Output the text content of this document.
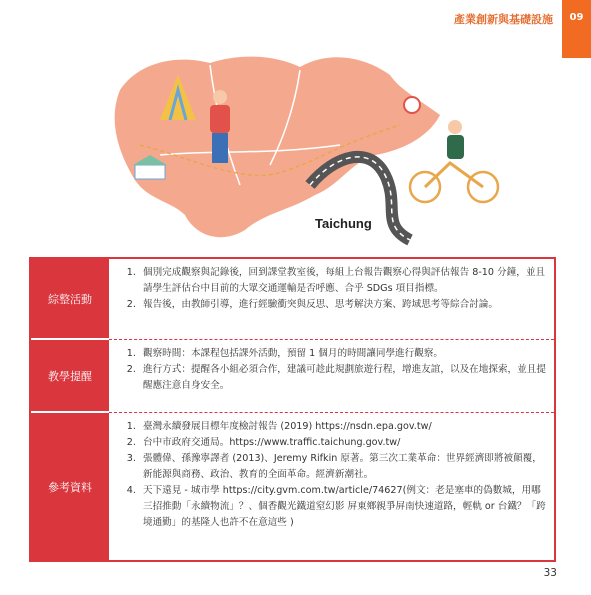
產業創新與基礎設施	09
Taichung
綜整活動
1. 個別完成觀察與記錄後，回到課堂教室後，每組上台報告觀察心得與評估報告 8-10 分鐘，並且請學生評估台中目前的大眾交通運輸是否呼應、合乎 SDGs 項目指標。
2. 報告後，由教師引導，進行經驗衝突與反思、思考解決方案、跨域思考等綜合討論。
教學提醒
1. 觀察時間：本課程包括課外活動，預留 1 個月的時間讓同學進行觀察。
2. 進行方式：提醒各小組必須合作，建議可趁此規劃旅遊行程，增進友誼，以及在地探索，並且提醒應注意自身安全。
參考資料
1. 臺灣永續發展目標年度檢討報告 (2019) https://nsdn.epa.gov.tw/
2. 台中市政府交通局。https://www.traffic.taichung.gov.tw/
3. 張體偉、孫豫寧譯者 (2013)、Jeremy Rifkin 原著。第三次工業革命：世界經濟即將被顛覆，新能源與商務、政治、教育的全面革命。經濟新潮社。
4. 天下遠見 - 城市學 https://city.gvm.com.tw/article/74627(例文：老是塞車的偽數城，用哪三招推動「永續物流」？、個香觀光鐵道窒幻影 屏東鄉親爭屏南快速道路，輕軌 or 台鐵？「跨境通勤」的基隆人也許不在意這些 )
33
